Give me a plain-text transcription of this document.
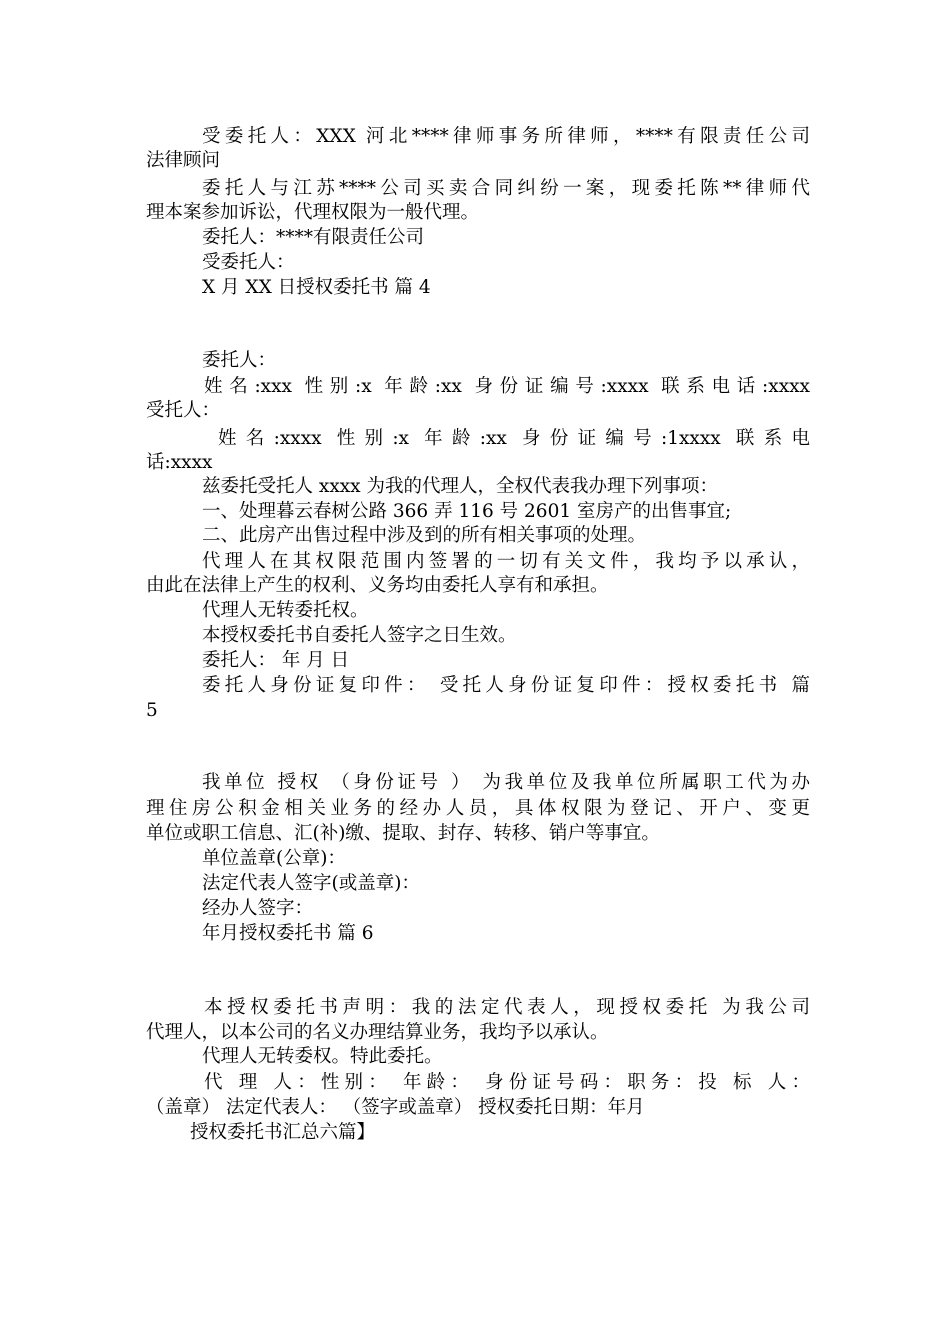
受委托人：XXX 河北****律师事务所律师，****有限责任公司
法律顾问
委托人与江苏****公司买卖合同纠纷一案，现委托陈**律师代
理本案参加诉讼，代理权限为一般代理。
委托人：****有限责任公司
受委托人：
X 月 XX 日授权委托书 篇 4
委托人：
姓名:xxx 性别:x 年龄:xx 身份证编号:xxxx 联系电话:xxxx
受托人：
姓名:xxxx 性别:x 年龄:xx 身份证编号:1xxxx 联系电
话:xxxx
兹委托受托人 xxxx 为我的代理人，全权代表我办理下列事项：
一、处理暮云春树公路 366 弄 116 号 2601 室房产的出售事宜;
二、此房产出售过程中涉及到的所有相关事项的处理。
代理人在其权限范围内签署的一切有关文件，我均予以承认，
由此在法律上产生的权利、义务均由委托人享有和承担。
代理人无转委托权。
本授权委托书自委托人签字之日生效。
委托人： 年 月 日
委托人身份证复印件： 受托人身份证复印件：授权委托书 篇
5
我单位 授权 （身份证号 ） 为我单位及我单位所属职工代为办
理住房公积金相关业务的经办人员，具体权限为登记、开户、变更
单位或职工信息、汇(补)缴、提取、封存、转移、销户等事宜。
单位盖章(公章)：
法定代表人签字(或盖章)：
经办人签字：
年月授权委托书 篇 6
本授权委托书声明：我的法定代表人，现授权委托 为我公司
代理人，以本公司的名义办理结算业务，我均予以承认。
代理人无转委权。特此委托。
代 理 人：性别： 年龄： 身份证号码：职务：投 标 人：
（盖章） 法定代表人： （签字或盖章） 授权委托日期：年月
授权委托书汇总六篇】
